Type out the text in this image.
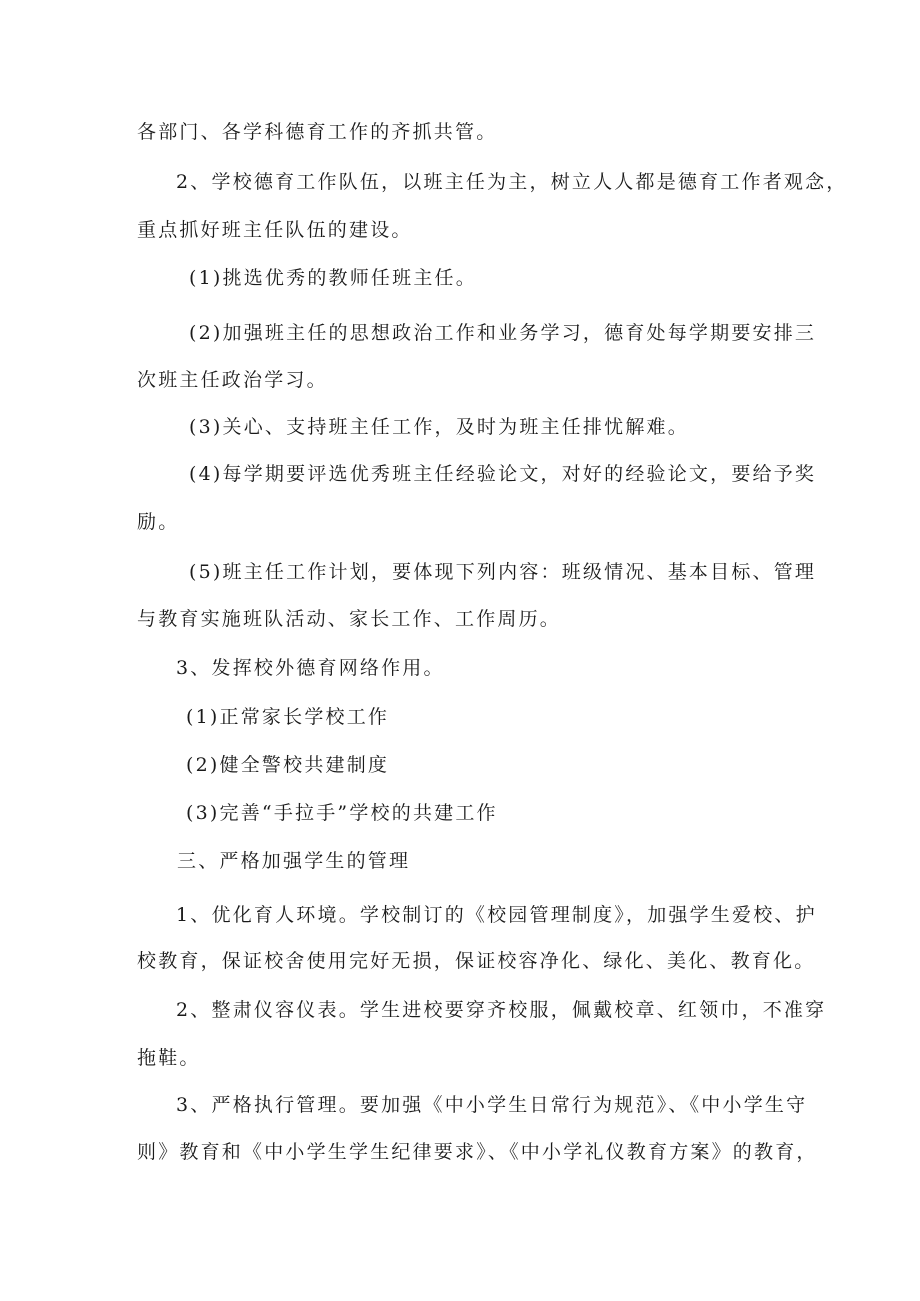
各部门、各学科德育工作的齐抓共管。
2、学校德育工作队伍，以班主任为主，树立人人都是德育工作者观念，
重点抓好班主任队伍的建设。
(1)挑选优秀的教师任班主任。
(2)加强班主任的思想政治工作和业务学习，德育处每学期要安排三
次班主任政治学习。
(3)关心、支持班主任工作，及时为班主任排忧解难。
(4)每学期要评选优秀班主任经验论文，对好的经验论文，要给予奖
励。
(5)班主任工作计划，要体现下列内容：班级情况、基本目标、管理
与教育实施班队活动、家长工作、工作周历。
3、发挥校外德育网络作用。
(1)正常家长学校工作
(2)健全警校共建制度
(3)完善“手拉手”学校的共建工作
三、严格加强学生的管理
1、优化育人环境。学校制订的《校园管理制度》，加强学生爱校、护
校教育，保证校舍使用完好无损，保证校容净化、绿化、美化、教育化。
2、整肃仪容仪表。学生进校要穿齐校服，佩戴校章、红领巾，不准穿
拖鞋。
3、严格执行管理。要加强《中小学生日常行为规范》、《中小学生守
则》教育和《中小学生学生纪律要求》、《中小学礼仪教育方案》的教育，
